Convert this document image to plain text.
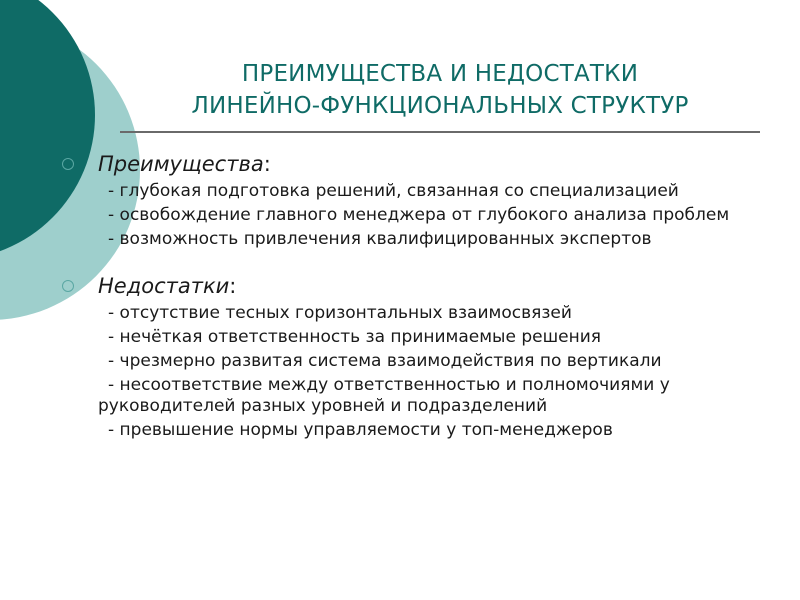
ПРЕИМУЩЕСТВА И НЕДОСТАТКИ
ЛИНЕЙНО-ФУНКЦИОНАЛЬНЫХ СТРУКТУР
Преимущества:
- глубокая подготовка решений, связанная со специализацией
- освобождение главного менеджера от глубокого анализа проблем
- возможность привлечения квалифицированных экспертов
Недостатки:
- отсутствие тесных горизонтальных взаимосвязей
- нечёткая ответственность за принимаемые решения
- чрезмерно развитая система взаимодействия по вертикали
- несоответствие между ответственностью и полномочиями у руководителей разных уровней и подразделений
- превышение нормы управляемости у топ-менеджеров
